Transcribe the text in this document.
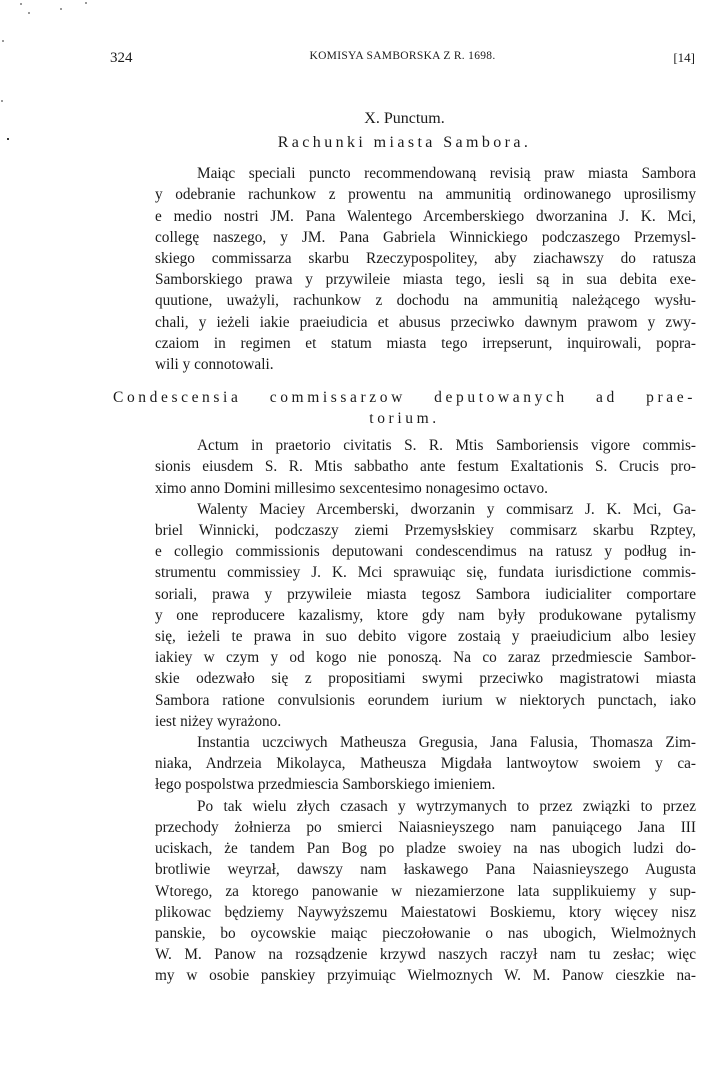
324	KOMISYA SAMBORSKA Z R. 1698.	[14]
X. Punctum.
Rachunki miasta Sambora.
Maiąc speciali puncto recommendowaną revisią praw miasta Sambora
y odebranie rachunkow z prowentu na ammunitią ordinowanego uprosilismy
e medio nostri JM. Pana Walentego Arcemberskiego dworzanina J. K. Mci,
collegę naszego, y JM. Pana Gabriela Winnickiego podczaszego Przemysl-
skiego commissarza skarbu Rzeczypospolitey, aby ziachawszy do ratusza
Samborskiego prawa y przywileie miasta tego, iesli są in sua debita exe-
quutione, uważyli, rachunkow z dochodu na ammunitią należącego wysłu-
chali, y ieżeli iakie praeiudicia et abusus przeciwko dawnym prawom y zwy-
czaiom in regimen et statum miasta tego irrepserunt, inquirowali, popra-
wili y connotowali.
Condescensia commissarzow deputowanych ad prae-
torium.
Actum in praetorio civitatis S. R. Mtis Samboriensis vigore commis-
sionis eiusdem S. R. Mtis sabbatho ante festum Exaltationis S. Crucis pro-
ximo anno Domini millesimo sexcentesimo nonagesimo octavo.
Walenty Maciey Arcemberski, dworzanin y commisarz J. K. Mci, Ga-
briel Winnicki, podczaszy ziemi Przemysłskiey commisarz skarbu Rzptey,
e collegio commissionis deputowani condescendimus na ratusz y podług in-
strumentu commissiey J. K. Mci sprawuiąc się, fundata iurisdictione commis-
soriali, prawa y przywileie miasta tegosz Sambora iudicialiter comportare
y one reproducere kazalismy, ktore gdy nam były produkowane pytalismy
się, ieżeli te prawa in suo debito vigore zostaią y praeiudicium albo lesiey
iakiey w czym y od kogo nie ponoszą. Na co zaraz przedmiescie Sambor-
skie odezwało się z propositiami swymi przeciwko magistratowi miasta
Sambora ratione convulsionis eorundem iurium w niektorych punctach, iako
iest niżey wyrażono.
Instantia uczciwych Matheusza Gregusia, Jana Falusia, Thomasza Zim-
niaka, Andrzeia Mikolayca, Matheusza Migdała lantwoytow swoiem y ca-
łego pospolstwa przedmiescia Samborskiego imieniem.
Po tak wielu złych czasach y wytrzymanych to przez związki to przez
przechody żołnierza po smierci Naiasnieyszego nam panuiącego Jana III
uciskach, że tandem Pan Bog po pladze swoiey na nas ubogich ludzi do-
brotliwie weyrzał, dawszy nam łaskawego Pana Naiasnieyszego Augusta
Wtorego, za ktorego panowanie w niezamierzone lata supplikuiemy y sup-
plikowac będziemy Naywyższemu Maiestatowi Boskiemu, ktory więcey nisz
panskie, bo oycowskie maiąc pieczołowanie o nas ubogich, Wielmożnych
W. M. Panow na rozsądzenie krzywd naszych raczył nam tu zesłac; więc
my w osobie panskiey przyimuiąc Wielmoznych W. M. Panow cieszkie na-
